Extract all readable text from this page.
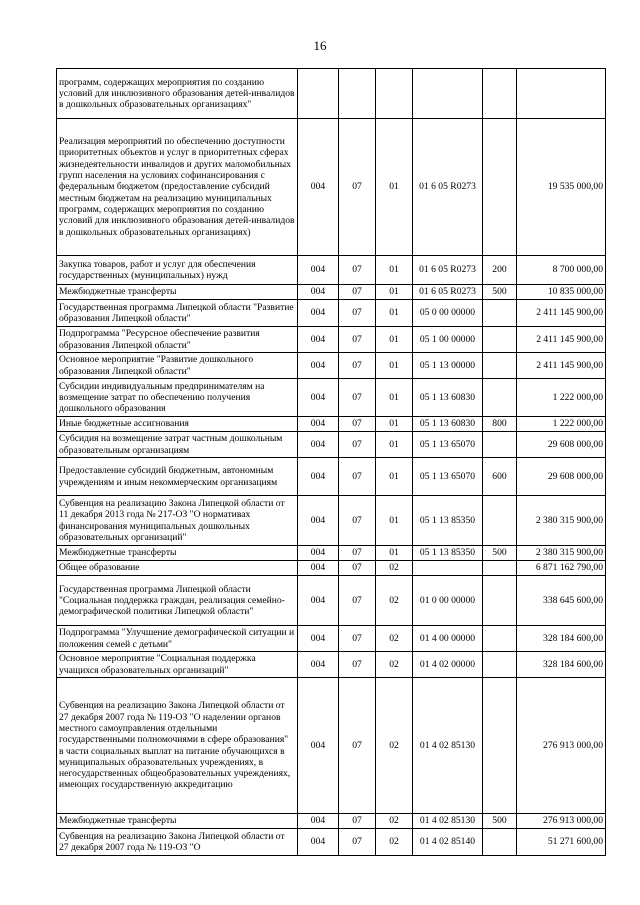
16
программ, содержащих мероприятия по созданию условий для инклюзивного образования детей-инвалидов в дошкольных образовательных организациях"						
Реализация мероприятий по обеспечению доступности приоритетных объектов и услуг в приоритетных сферах жизнедеятельности инвалидов и других маломобильных групп населения на условиях софинансирования с федеральным бюджетом (предоставление субсидий местным бюджетам на реализацию муниципальных программ, содержащих мероприятия по созданию условий для инклюзивного образования детей-инвалидов в дошкольных образовательных организациях)	004	07	01	01 6 05 R0273		19 535 000,00
Закупка товаров, работ и услуг для обеспечения государственных (муниципальных) нужд	004	07	01	01 6 05 R0273	200	8 700 000,00
Межбюджетные трансферты	004	07	01	01 6 05 R0273	500	10 835 000,00
Государственная программа Липецкой области "Развитие образования Липецкой области"	004	07	01	05 0 00 00000		2 411 145 900,00
Подпрограмма "Ресурсное обеспечение развития образования Липецкой области"	004	07	01	05 1 00 00000		2 411 145 900,00
Основное мероприятие "Развитие дошкольного образования Липецкой области"	004	07	01	05 1 13 00000		2 411 145 900,00
Субсидии индивидуальным предпринимателям на возмещение затрат по обеспечению получения дошкольного образования	004	07	01	05 1 13 60830		1 222 000,00
Иные бюджетные ассигнования	004	07	01	05 1 13 60830	800	1 222 000,00
Субсидия на возмещение затрат частным дошкольным образовательным организациям	004	07	01	05 1 13 65070		29 608 000,00
Предоставление субсидий бюджетным, автономным учреждениям и иным некоммерческим организациям	004	07	01	05 1 13 65070	600	29 608 000,00
Субвенция на реализацию Закона Липецкой области от 11 декабря 2013 года № 217-ОЗ "О нормативах финансирования муниципальных дошкольных образовательных организаций"	004	07	01	05 1 13 85350		2 380 315 900,00
Межбюджетные трансферты	004	07	01	05 1 13 85350	500	2 380 315 900,00
Общее образование	004	07	02			6 871 162 790,00
Государственная программа Липецкой области "Социальная поддержка граждан, реализация семейно-демографической политики Липецкой области"	004	07	02	01 0 00 00000		338 645 600,00
Подпрограмма "Улучшение демографической ситуации и положения семей с детьми"	004	07	02	01 4 00 00000		328 184 600,00
Основное мероприятие "Социальная поддержка учащихся образовательных организаций"	004	07	02	01 4 02 00000		328 184 600,00
Субвенция на реализацию Закона Липецкой области от 27 декабря 2007 года № 119-ОЗ "О наделении органов местного самоуправления отдельными государственными полномочиями в сфере образования" в части социальных выплат на питание обучающихся в муниципальных образовательных учреждениях, в негосударственных общеобразовательных учреждениях, имеющих государственную аккредитацию	004	07	02	01 4 02 85130		276 913 000,00
Межбюджетные трансферты	004	07	02	01 4 02 85130	500	276 913 000,00
Субвенция на реализацию Закона Липецкой области от 27 декабря 2007 года № 119-ОЗ "О	004	07	02	01 4 02 85140		51 271 600,00
